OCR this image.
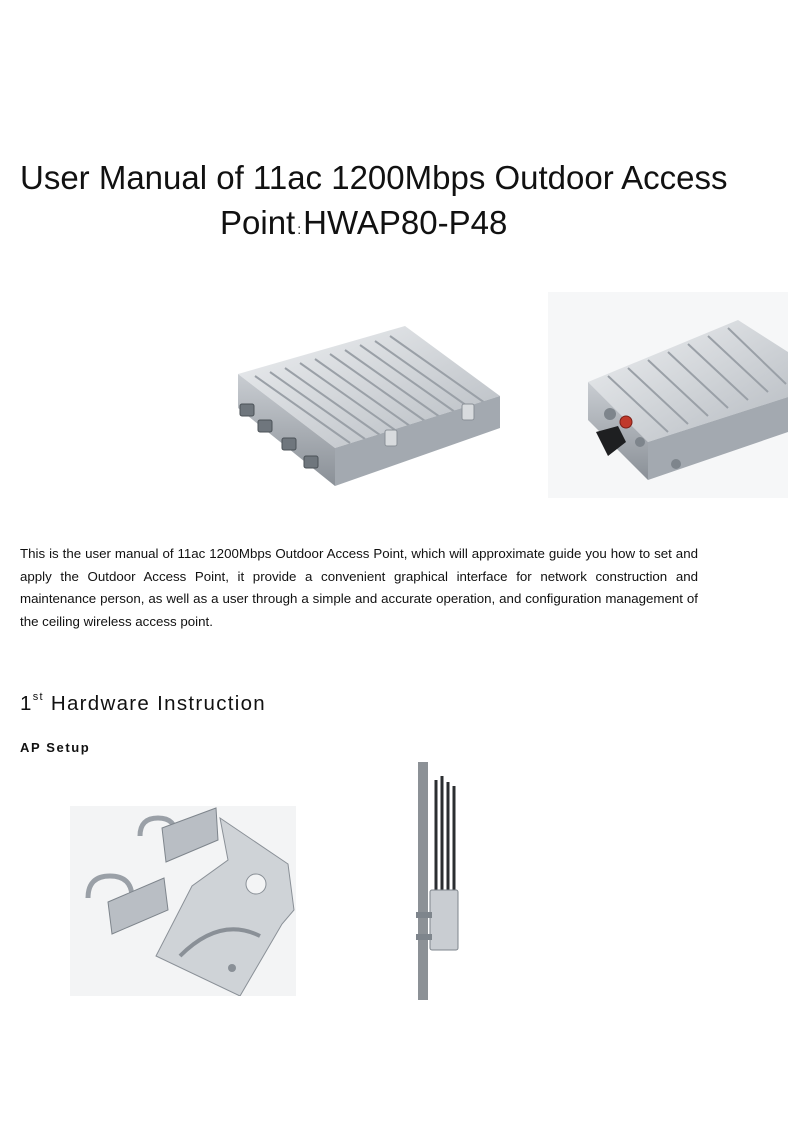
User Manual of 11ac 1200Mbps Outdoor Access
Point :HWAP80-P48
This is the user manual of 11ac 1200Mbps Outdoor Access Point, which will approximate guide you how to set and apply the Outdoor Access Point, it provide a convenient graphical interface for network construction and maintenance person, as well as a user through a simple and accurate operation, and configuration management of the ceiling wireless access point.
1st Hardware Instruction
AP Setup
